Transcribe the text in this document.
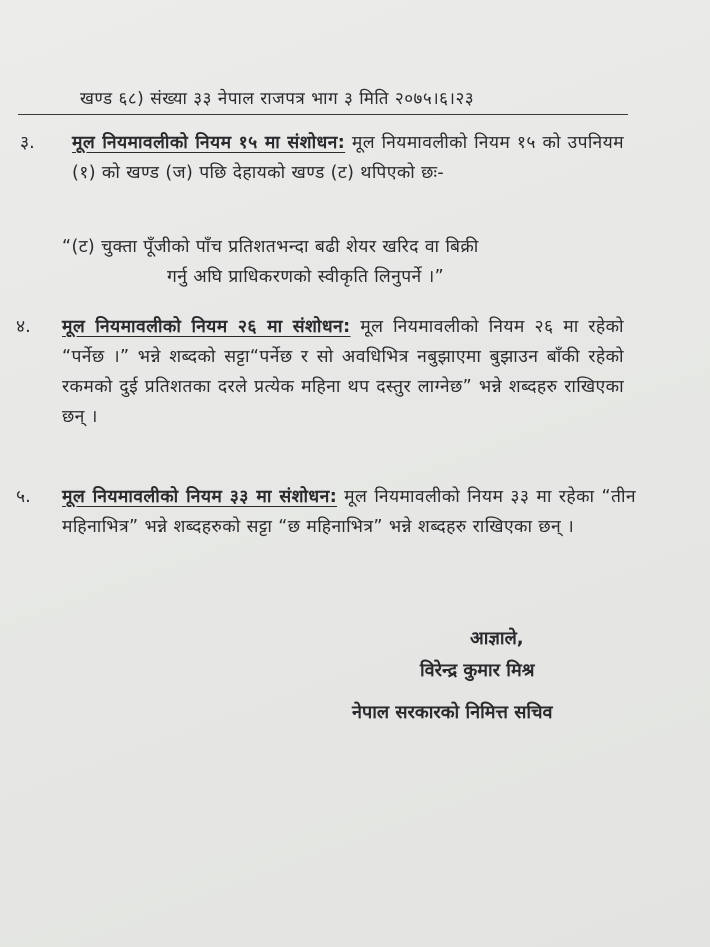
खण्ड ६८) संख्या ३३ नेपाल राजपत्र भाग ३ मिति २०७५।६।२३
३. मूल नियमावलीको नियम १५ मा संशोधन: मूल नियमावलीको नियम १५ को उपनियम (१) को खण्ड (ज) पछि देहायको खण्ड (ट) थपिएको छः-
“(ट) चुक्ता पूँजीको पाँच प्रतिशतभन्दा बढी शेयर खरिद वा बिक्री
गर्नु अघि प्राधिकरणको स्वीकृति लिनुपर्ने ।”
४. मूल नियमावलीको नियम २६ मा संशोधन: मूल नियमावलीको नियम २६ मा रहेको “पर्नेछ ।” भन्ने शब्दको सट्टा“पर्नेछ र सो अवधिभित्र नबुझाएमा बुझाउन बाँकी रहेको रकमको दुई प्रतिशतका दरले प्रत्येक महिना थप दस्तुर लाग्नेछ” भन्ने शब्दहरु राखिएका छन् ।
५. मूल नियमावलीको नियम ३३ मा संशोधन: मूल नियमावलीको नियम ३३ मा रहेका “तीन महिनाभित्र” भन्ने शब्दहरुको सट्टा “छ महिनाभित्र” भन्ने शब्दहरु राखिएका छन् ।
आज्ञाले,
विरेन्द्र कुमार मिश्र
नेपाल सरकारको निमित्त सचिव
